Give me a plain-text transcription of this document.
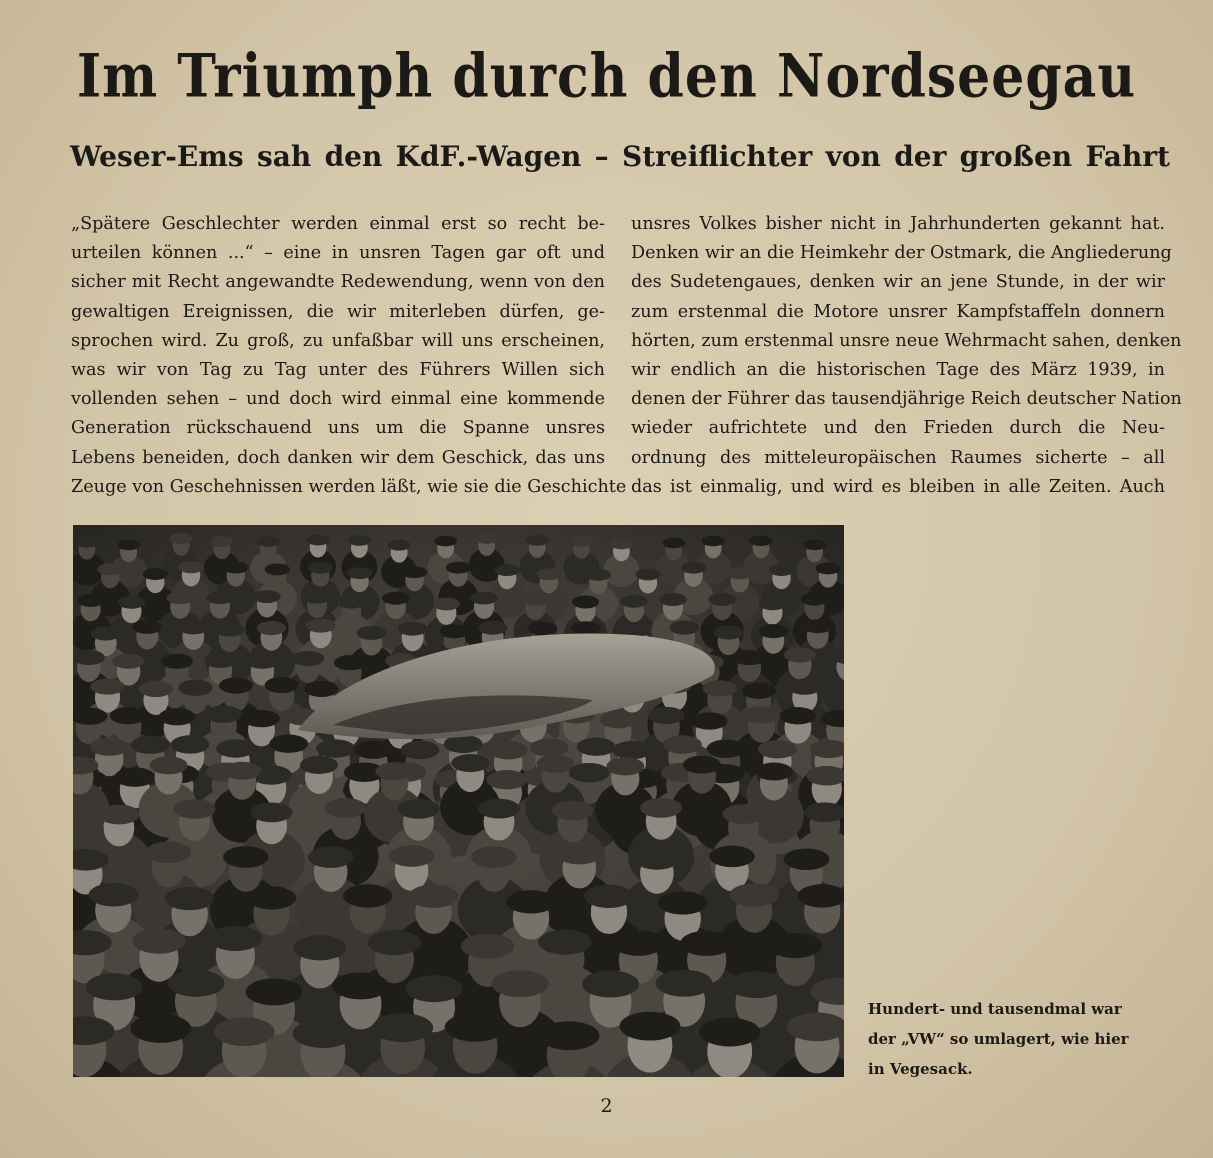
Im Triumph durch den Nordseegau
Weser-Ems sah den KdF.-Wagen – Streiflichter von der großen Fahrt
„Spätere Geschlechter werden einmal erst so recht be-
urteilen können ...“ – eine in unsren Tagen gar oft und
sicher mit Recht angewandte Redewendung, wenn von den
gewaltigen Ereignissen, die wir miterleben dürfen, ge-
sprochen wird. Zu groß, zu unfaßbar will uns erscheinen,
was wir von Tag zu Tag unter des Führers Willen sich
vollenden sehen – und doch wird einmal eine kommende
Generation rückschauend uns um die Spanne unsres
Lebens beneiden, doch danken wir dem Geschick, das uns
Zeuge von Geschehnissen werden läßt, wie sie die Geschichte
unsres Volkes bisher nicht in Jahrhunderten gekannt hat.
Denken wir an die Heimkehr der Ostmark, die Angliederung
des Sudetengaues, denken wir an jene Stunde, in der wir
zum erstenmal die Motore unsrer Kampfstaffeln donnern
hörten, zum erstenmal unsre neue Wehrmacht sahen, denken
wir endlich an die historischen Tage des März 1939, in
denen der Führer das tausendjährige Reich deutscher Nation
wieder aufrichtete und den Frieden durch die Neu-
ordnung des mitteleuropäischen Raumes sicherte – all
das ist einmalig, und wird es bleiben in alle Zeiten. Auch
Hundert- und tausendmal war
der „VW“ so umlagert, wie hier
in Vegesack.
2
